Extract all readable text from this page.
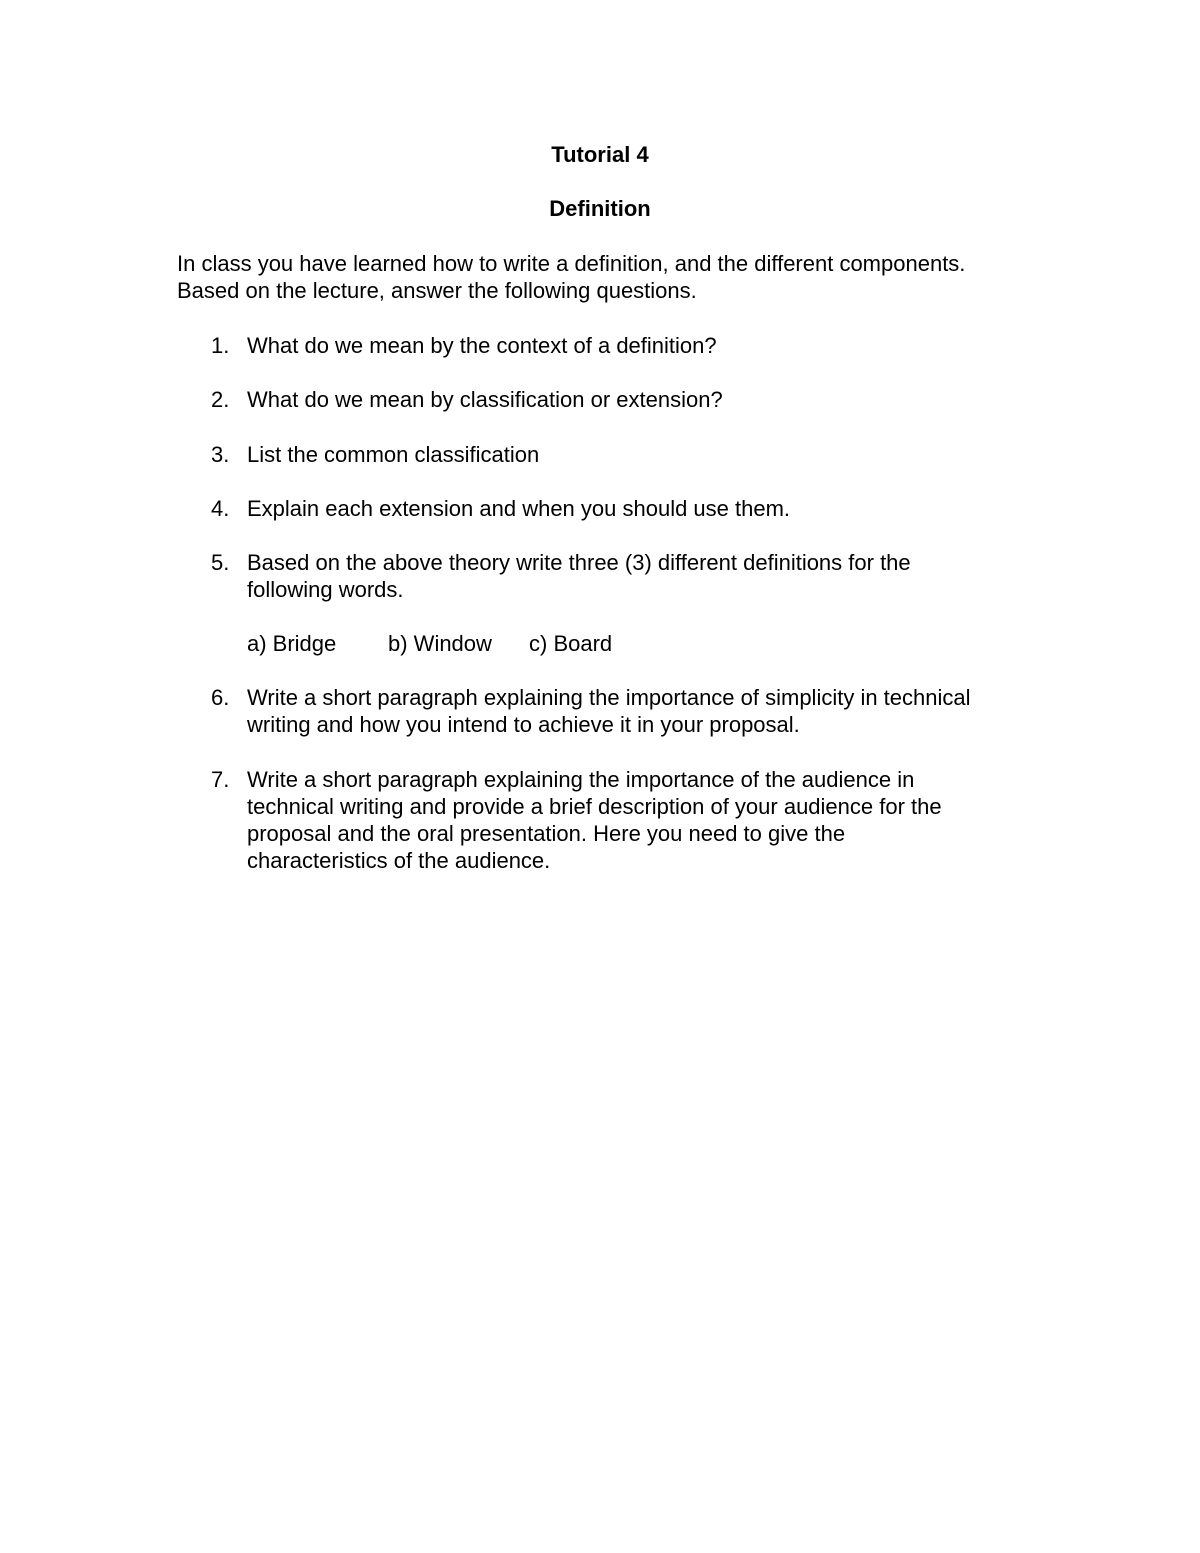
Tutorial 4
Definition
In class you have learned how to write a definition, and the different components.
Based on the lecture, answer the following questions.
1. What do we mean by the context of a definition?
2. What do we mean by classification or extension?
3. List the common classification
4. Explain each extension and when you should use them.
5. Based on the above theory write three (3) different definitions for the
following words.
a) Bridge b) Window c) Board
6. Write a short paragraph explaining the importance of simplicity in technical
writing and how you intend to achieve it in your proposal.
7. Write a short paragraph explaining the importance of the audience in
technical writing and provide a brief description of your audience for the
proposal and the oral presentation. Here you need to give the
characteristics of the audience.
